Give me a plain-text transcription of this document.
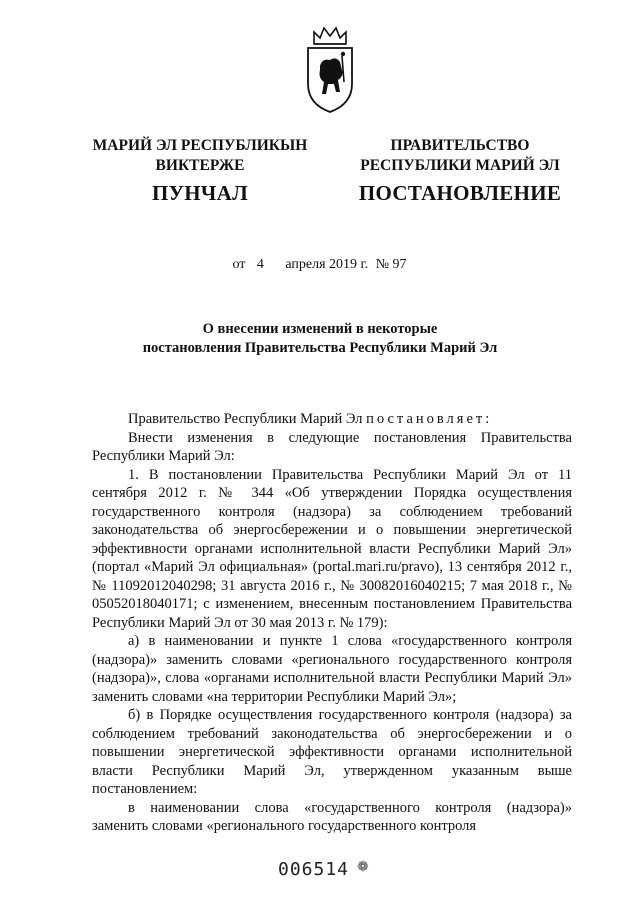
МАРИЙ ЭЛ РЕСПУБЛИКЫН
ВИКТЕРЖЕ
ПУНЧАЛ
ПРАВИТЕЛЬСТВО
РЕСПУБЛИКИ МАРИЙ ЭЛ
ПОСТАНОВЛЕНИЕ
от 4 апреля 2019 г. № 97
О внесении изменений в некоторые
постановления Правительства Республики Марий Эл

Правительство Республики Марий Эл постановляет:

Внести изменения в следующие постановления Правительства Республики Марий Эл:

1. В постановлении Правительства Республики Марий Эл от 11 сентября 2012 г. № 344 «Об утверждении Порядка осуществления государственного контроля (надзора) за соблюдением требований законодательства об энергосбережении и о повышении энергетической эффективности органами исполнительной власти Республики Марий Эл» (портал «Марий Эл официальная» (portal.mari.ru/pravo), 13 сентября 2012 г., № 11092012040298; 31 августа 2016 г., № 30082016040215; 7 мая 2018 г., № 05052018040171; с изменением, внесенным постановлением Правительства Республики Марий Эл от 30 мая 2013 г. № 179):

а) в наименовании и пункте 1 слова «государственного контроля (надзора)» заменить словами «регионального государственного контроля (надзора)», слова «органами исполнительной власти Республики Марий Эл» заменить словами «на территории Республики Марий Эл»;

б) в Порядке осуществления государственного контроля (надзора) за соблюдением требований законодательства об энергосбережении и о повышении энергетической эффективности органами исполнительной власти Республики Марий Эл, утвержденном указанным выше постановлением:

в наименовании слова «государственного контроля (надзора)» заменить словами «регионального государственного контроля

006514 ❁
